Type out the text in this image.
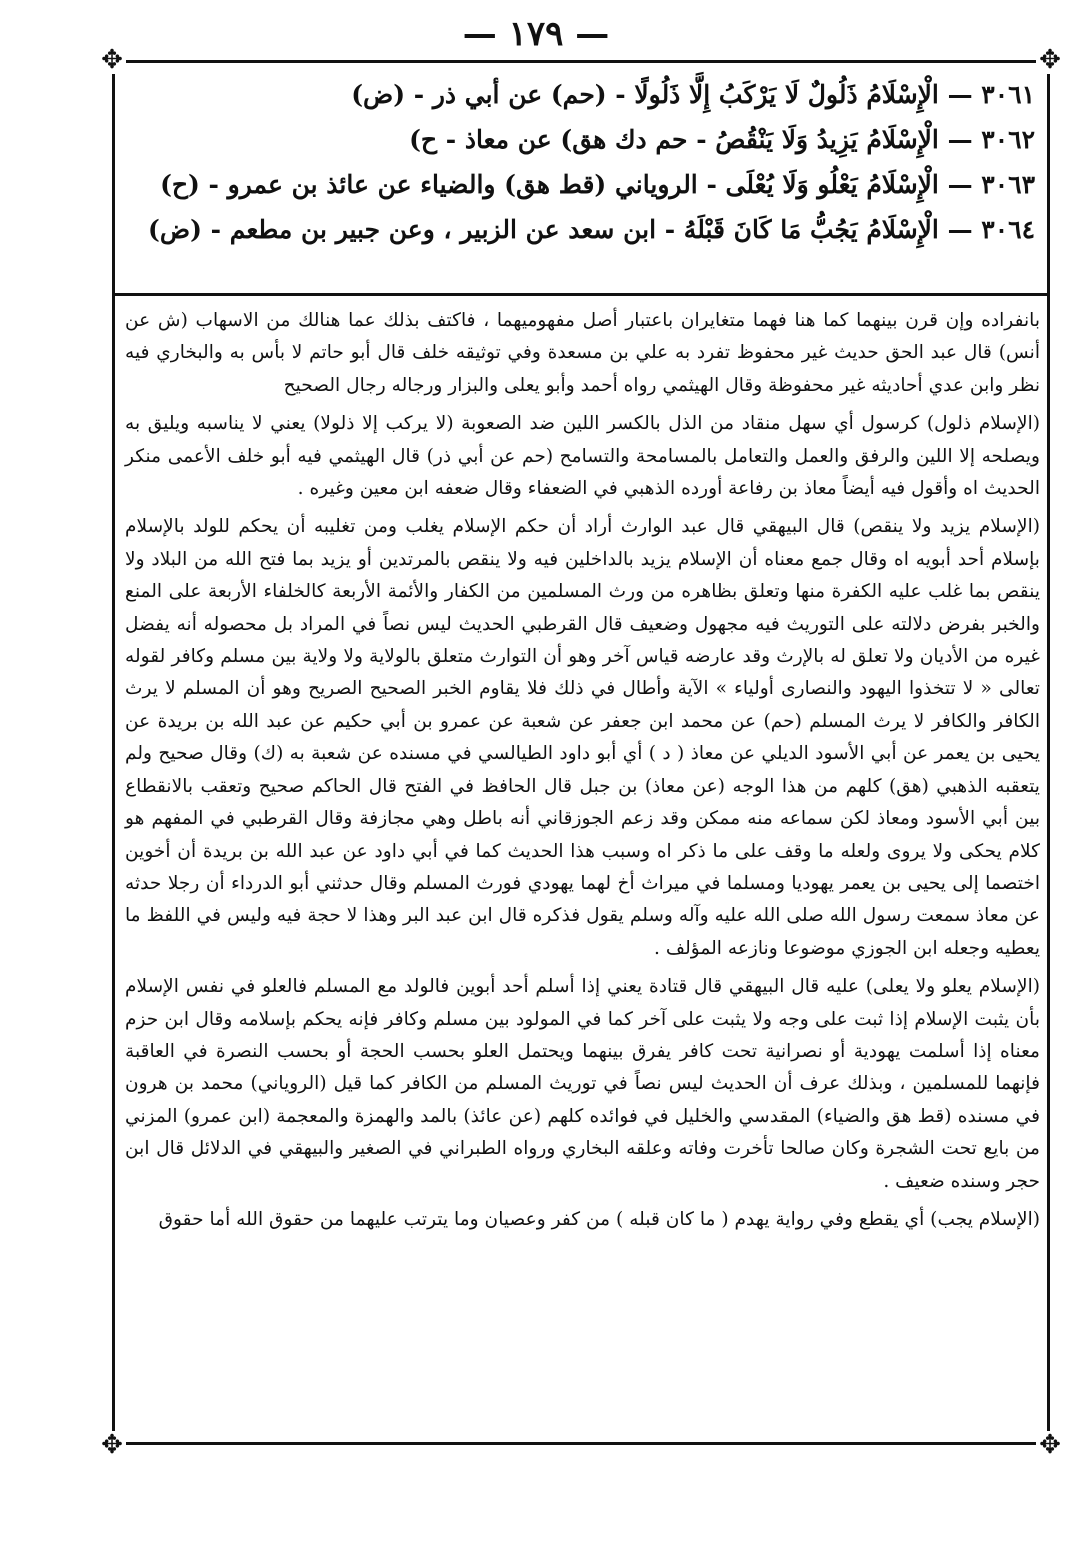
— ١٧٩ —
✥	✥
✥	✥
٣٠٦١ — الْإِسْلَامُ ذَلُولٌ لَا يَرْكَبُ إِلَّا ذَلُولًا - (حم) عن أبي ذر - (ض)
٣٠٦٢ — الْإِسْلَامُ يَزِيدُ وَلَا يَنْقُصُ - حم دك هق) عن معاذ - ح)
٣٠٦٣ — الْإِسْلَامُ يَعْلُو وَلَا يُعْلَى - الروياني (قط هق) والضياء عن عائذ بن عمرو - (ح)
٣٠٦٤ — الْإِسْلَامُ يَجُبُّ مَا كَانَ قَبْلَهُ - ابن سعد عن الزبير ، وعن جبير بن مطعم - (ض)

بانفراده وإن قرن بينهما كما هنا فهما متغايران باعتبار أصل مفهوميهما ، فاكتف بذلك عما هنالك من الاسهاب (ش عن أنس) قال عبد الحق حديث غير محفوظ تفرد به علي بن مسعدة وفي توثيقه خلف قال أبو حاتم لا بأس به والبخاري فيه نظر وابن عدي أحاديثه غير محفوظة وقال الهيثمي رواه أحمد وأبو يعلى والبزار ورجاله رجال الصحيح

(الإسلام ذلول) كرسول أي سهل منقاد من الذل بالكسر اللين ضد الصعوبة (لا يركب إلا ذلولا) يعني لا يناسبه ويليق به ويصلحه إلا اللين والرفق والعمل والتعامل بالمسامحة والتسامح (حم عن أبي ذر) قال الهيثمي فيه أبو خلف الأعمى منكر الحديث اه وأقول فيه أيضاً معاذ بن رفاعة أورده الذهبي في الضعفاء وقال ضعفه ابن معين وغيره .

(الإسلام يزيد ولا ينقص) قال البيهقي قال عبد الوارث أراد أن حكم الإسلام يغلب ومن تغليبه أن يحكم للولد بالإسلام بإسلام أحد أبويه اه وقال جمع معناه أن الإسلام يزيد بالداخلين فيه ولا ينقص بالمرتدين أو يزيد بما فتح الله من البلاد ولا ينقص بما غلب عليه الكفرة منها وتعلق بظاهره من ورث المسلمين من الكفار والأئمة الأربعة كالخلفاء الأربعة على المنع والخبر بفرض دلالته على التوريث فيه مجهول وضعيف قال القرطبي الحديث ليس نصاً في المراد بل محصوله أنه يفضل غيره من الأديان ولا تعلق له بالإرث وقد عارضه قياس آخر وهو أن التوارث متعلق بالولاية ولا ولاية بين مسلم وكافر لقوله تعالى « لا تتخذوا اليهود والنصارى أولياء » الآية وأطال في ذلك فلا يقاوم الخبر الصحيح الصريح وهو أن المسلم لا يرث الكافر والكافر لا يرث المسلم (حم) عن محمد ابن جعفر عن شعبة عن عمرو بن أبي حكيم عن عبد الله بن بريدة عن يحيى بن يعمر عن أبي الأسود الديلي عن معاذ ( د ) أي أبو داود الطيالسي في مسنده عن شعبة به (ك) وقال صحيح ولم يتعقبه الذهبي (هق) كلهم من هذا الوجه (عن معاذ) بن جبل قال الحافظ في الفتح قال الحاكم صحيح وتعقب بالانقطاع بين أبي الأسود ومعاذ لكن سماعه منه ممكن وقد زعم الجوزقاني أنه باطل وهي مجازفة وقال القرطبي في المفهم هو كلام يحكى ولا يروى ولعله ما وقف على ما ذكر اه وسبب هذا الحديث كما في أبي داود عن عبد الله بن بريدة أن أخوين اختصما إلى يحيى بن يعمر يهوديا ومسلما في ميراث أخ لهما يهودي فورث المسلم وقال حدثني أبو الدرداء أن رجلا حدثه عن معاذ سمعت رسول الله صلى الله عليه وآله وسلم يقول فذكره قال ابن عبد البر وهذا لا حجة فيه وليس في اللفظ ما يعطيه وجعله ابن الجوزي موضوعا ونازعه المؤلف .

(الإسلام يعلو ولا يعلى) عليه قال البيهقي قال قتادة يعني إذا أسلم أحد أبوين فالولد مع المسلم فالعلو في نفس الإسلام بأن يثبت الإسلام إذا ثبت على وجه ولا يثبت على آخر كما في المولود بين مسلم وكافر فإنه يحكم بإسلامه وقال ابن حزم معناه إذا أسلمت يهودية أو نصرانية تحت كافر يفرق بينهما ويحتمل العلو بحسب الحجة أو بحسب النصرة في العاقبة فإنهما للمسلمين ، وبذلك عرف أن الحديث ليس نصاً في توريث المسلم من الكافر كما قيل (الروياني) محمد بن هرون في مسنده (قط هق والضياء) المقدسي والخليل في فوائده كلهم (عن عائذ) بالمد والهمزة والمعجمة (ابن عمرو) المزني من بايع تحت الشجرة وكان صالحا تأخرت وفاته وعلقه البخاري ورواه الطبراني في الصغير والبيهقي في الدلائل قال ابن حجر وسنده ضعيف .

(الإسلام يجب) أي يقطع وفي رواية يهدم ( ما كان قبله ) من كفر وعصيان وما يترتب عليهما من حقوق الله أما حقوق
